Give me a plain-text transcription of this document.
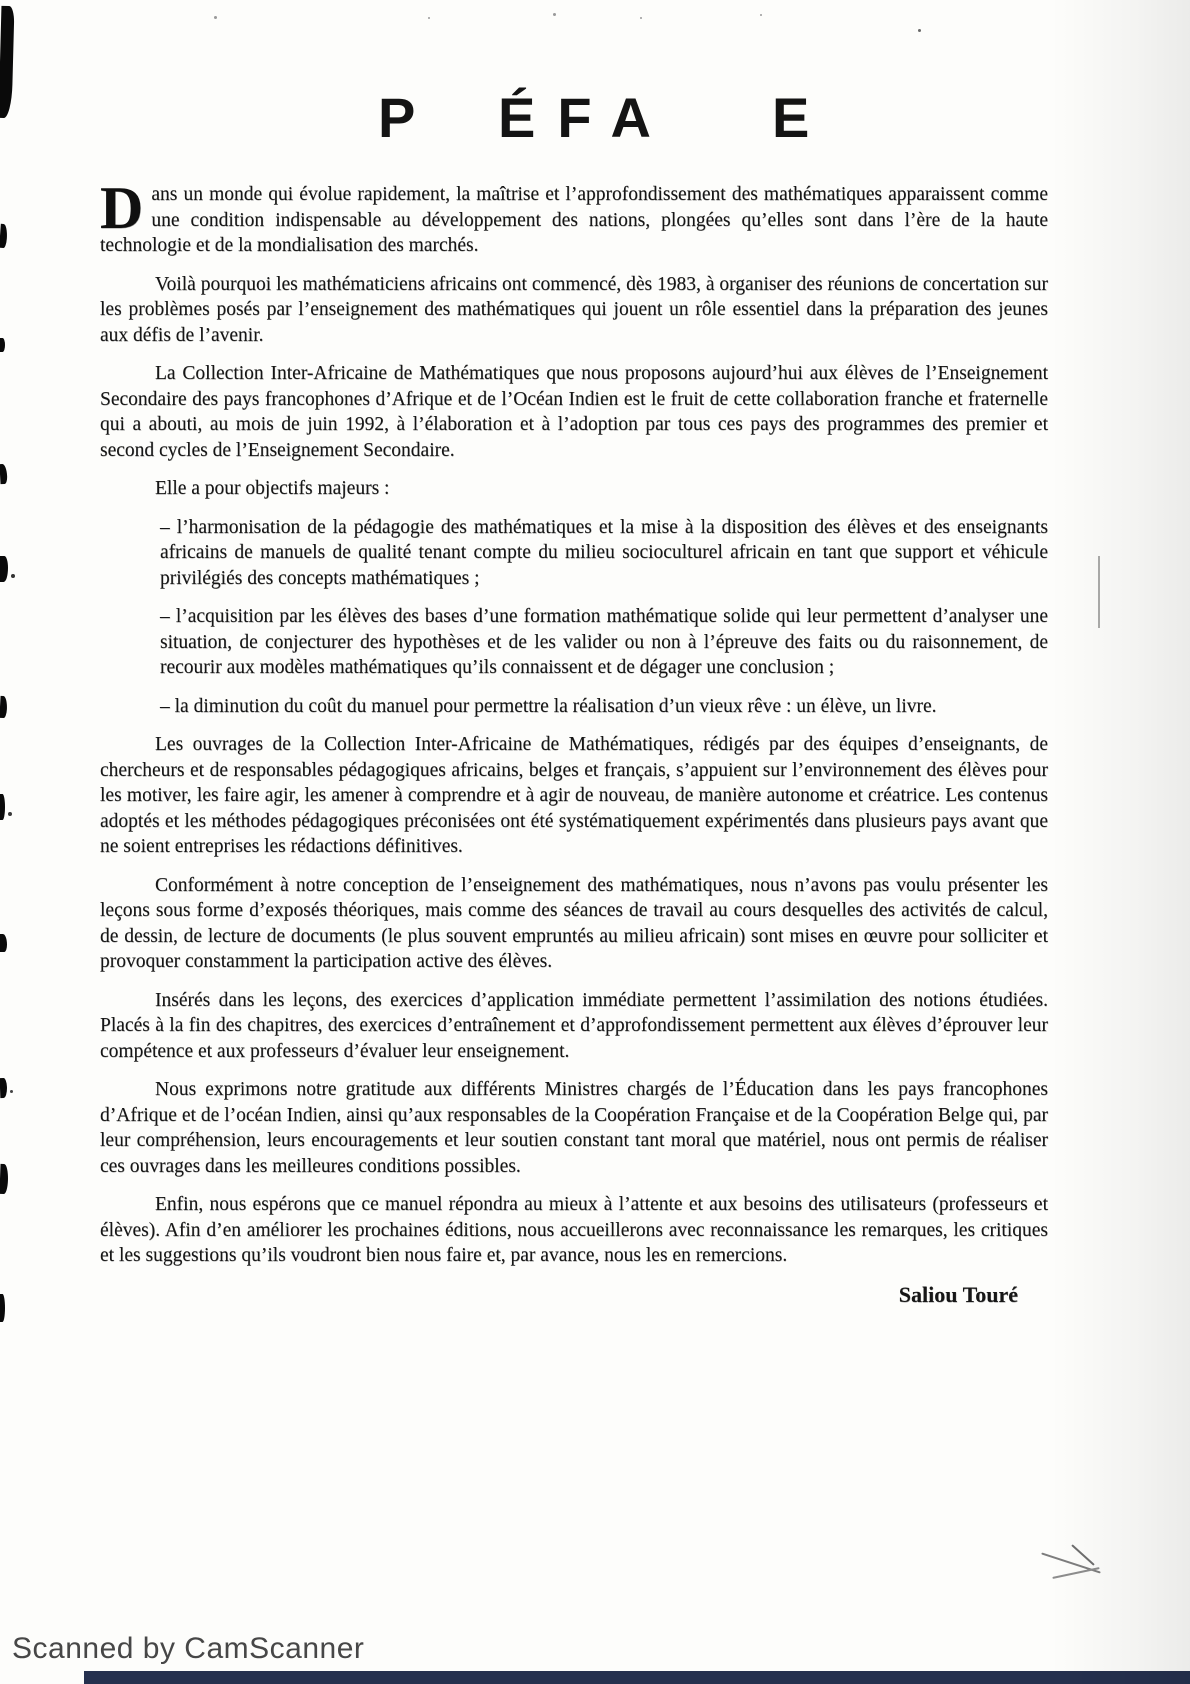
P ÉFA E

Dans un monde qui évolue rapidement, la maîtrise et l’approfondissement des mathématiques apparaissent comme une condition indispensable au développement des nations, plongées qu’elles sont dans l’ère de la haute technologie et de la mondialisation des marchés.

Voilà pourquoi les mathématiciens africains ont commencé, dès 1983, à organiser des réunions de concertation sur les problèmes posés par l’enseignement des mathématiques qui jouent un rôle essentiel dans la préparation des jeunes aux défis de l’avenir.

La Collection Inter-Africaine de Mathématiques que nous proposons aujourd’hui aux élèves de l’Enseignement Secondaire des pays francophones d’Afrique et de l’Océan Indien est le fruit de cette collaboration franche et fraternelle qui a abouti, au mois de juin 1992, à l’élaboration et à l’adoption par tous ces pays des programmes des premier et second cycles de l’Enseignement Secondaire.

Elle a pour objectifs majeurs :

– l’harmonisation de la pédagogie des mathématiques et la mise à la disposition des élèves et des enseignants africains de manuels de qualité tenant compte du milieu socioculturel africain en tant que support et véhicule privilégiés des concepts mathématiques ;

– l’acquisition par les élèves des bases d’une formation mathématique solide qui leur permettent d’analyser une situation, de conjecturer des hypothèses et de les valider ou non à l’épreuve des faits ou du raisonnement, de recourir aux modèles mathématiques qu’ils connaissent et de dégager une conclusion ;

– la diminution du coût du manuel pour permettre la réalisation d’un vieux rêve : un élève, un livre.

Les ouvrages de la Collection Inter-Africaine de Mathématiques, rédigés par des équipes d’enseignants, de chercheurs et de responsables pédagogiques africains, belges et français, s’appuient sur l’environnement des élèves pour les motiver, les faire agir, les amener à comprendre et à agir de nouveau, de manière autonome et créatrice. Les contenus adoptés et les méthodes pédagogiques préconisées ont été systématiquement expérimentés dans plusieurs pays avant que ne soient entreprises les rédactions définitives.

Conformément à notre conception de l’enseignement des mathématiques, nous n’avons pas voulu présenter les leçons sous forme d’exposés théoriques, mais comme des séances de travail au cours desquelles des activités de calcul, de dessin, de lecture de documents (le plus souvent empruntés au milieu africain) sont mises en œuvre pour solliciter et provoquer constamment la participation active des élèves.

Insérés dans les leçons, des exercices d’application immédiate permettent l’assimilation des notions étudiées. Placés à la fin des chapitres, des exercices d’entraînement et d’approfondissement permettent aux élèves d’éprouver leur compétence et aux professeurs d’évaluer leur enseignement.

Nous exprimons notre gratitude aux différents Ministres chargés de l’Éducation dans les pays francophones d’Afrique et de l’océan Indien, ainsi qu’aux responsables de la Coopération Française et de la Coopération Belge qui, par leur compréhension, leurs encouragements et leur soutien constant tant moral que matériel, nous ont permis de réaliser ces ouvrages dans les meilleures conditions possibles.

Enfin, nous espérons que ce manuel répondra au mieux à l’attente et aux besoins des utilisateurs (professeurs et élèves). Afin d’en améliorer les prochaines éditions, nous accueillerons avec reconnaissance les remarques, les critiques et les suggestions qu’ils voudront bien nous faire et, par avance, nous les en remercions.

Saliou Touré

Scanned by CamScanner
